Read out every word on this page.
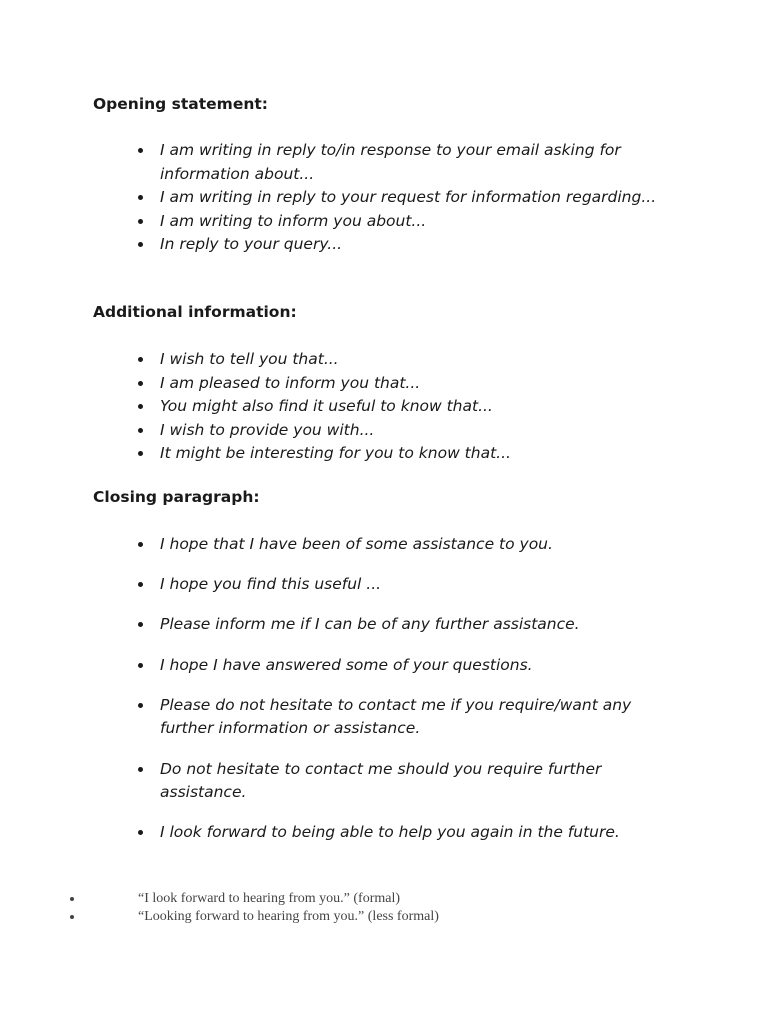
Opening statement:
I am writing in reply to/in response to your email asking for information about...
I am writing in reply to your request for information regarding...
I am writing to inform you about...
In reply to your query...
Additional information:
I wish to tell you that...
I am pleased to inform you that...
You might also find it useful to know that...
I wish to provide you with...
It might be interesting for you to know that...
Closing paragraph:
I hope that I have been of some assistance to you.
I hope you find this useful ...
Please inform me if I can be of any further assistance.
I hope I have answered some of your questions.
Please do not hesitate to contact me if you require/want any further information or assistance.
Do not hesitate to contact me should you require further assistance.
I look forward to being able to help you again in the future.
“I look forward to hearing from you.” (formal)
“Looking forward to hearing from you.” (less formal)
